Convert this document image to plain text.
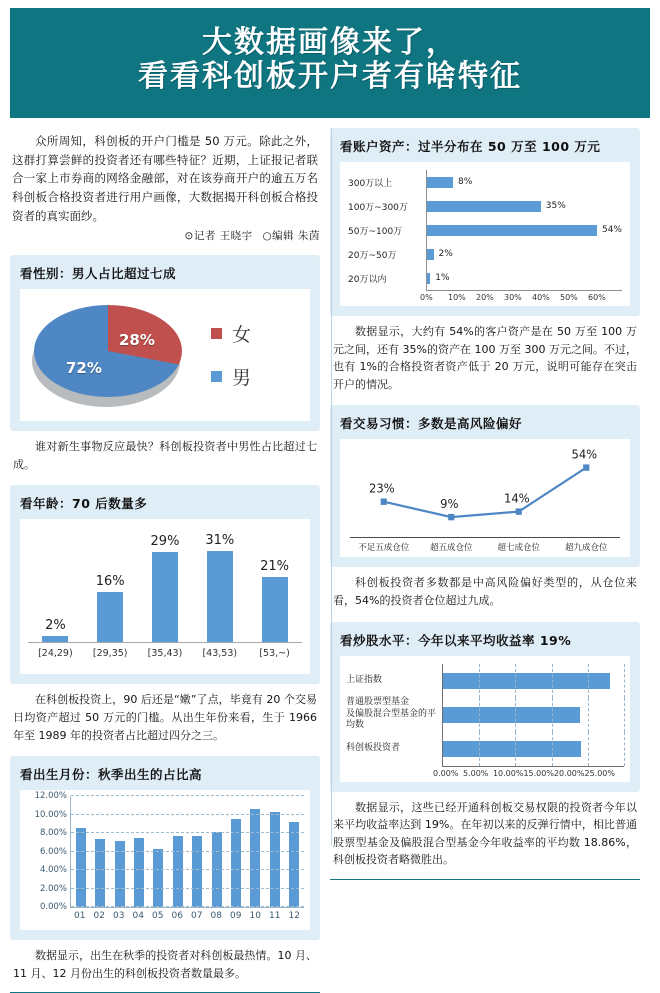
大数据画像来了，
看看科创板开户者有啥特征
众所周知，科创板的开户门槛是 50 万元。除此之外，这群打算尝鲜的投资者还有哪些特征？近期，上证报记者联合一家上市券商的网络金融部，对在该券商开户的逾五万名科创板合格投资者进行用户画像，大数据揭开科创板合格投资者的真实面纱。
⊙记者 王晓宇 ○编辑 朱茵
看性别：男人占比超过七成
28%
72%
女
男
谁对新生事物反应最快？科创板投资者中男性占比超过七成。
看年龄：70 后数量多
2%
16%
29% 31%
21%
[24,29)	[29,35)	[35,43)	[43,53)	[53,~)
在科创板投资上，90 后还是“嫩”了点，毕竟有 20 个交易日均资产超过 50 万元的门槛。从出生年份来看，生于 1966 年至 1989 年的投资者占比超过四分之三。
看出生月份：秋季出生的占比高
0.00%
2.00%
4.00%
6.00%
8.00%
10.00%
12.00%
01 02 03 04 05 06 07 08 09 10 11 12
数据显示，出生在秋季的投资者对科创板最热情。10 月、11 月、12 月份出生的科创板投资者数量最多。
看账户资产：过半分布在 50 万至 100 万元
300万以上	8%
100万~300万	35%
50万~100万	54%
20万~50万	2%
20万以内	1%
0%	10%	20%	30%	40%	50%	60%
数据显示，大约有 54%的客户资产是在 50 万至 100 万元之间，还有 35%的资产在 100 万至 300 万元之间。不过，也有 1%的合格投资者资产低于 20 万元，说明可能存在突击开户的情况。
看交易习惯：多数是高风险偏好
23%
9%	14%
54%
不足五成仓位	超五成仓位	超七成仓位	超九成仓位
科创板投资者多数都是中高风险偏好类型的，从仓位来看，54%的投资者仓位超过九成。
看炒股水平：今年以来平均收益率 19%
上证指数
普通股票型基金
及偏股混合型基金的平均数
科创板投资者
0.00% 5.00% 10.00% 15.00% 20.00% 25.00%
数据显示，这些已经开通科创板交易权限的投资者今年以来平均收益率达到 19%。在年初以来的反弹行情中，相比普通股票型基金及偏股混合型基金今年收益率的平均数 18.86%，科创板投资者略微胜出。
